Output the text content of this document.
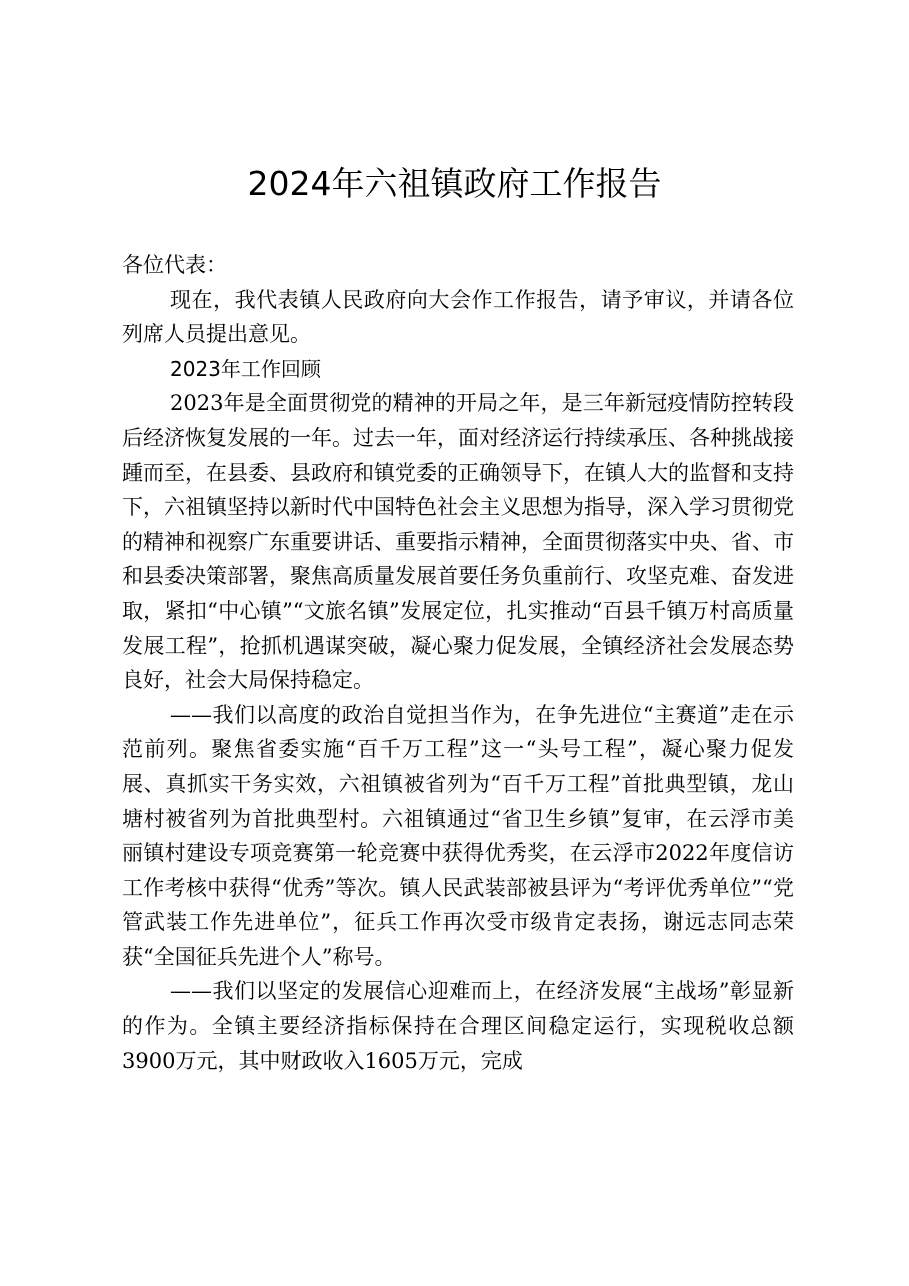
2024年六祖镇政府工作报告

各位代表：

现在，我代表镇人民政府向大会作工作报告，请予审议，并请各位列席人员提出意见。

2023年工作回顾

2023年是全面贯彻党的精神的开局之年，是三年新冠疫情防控转段后经济恢复发展的一年。过去一年，面对经济运行持续承压、各种挑战接踵而至，在县委、县政府和镇党委的正确领导下，在镇人大的监督和支持下，六祖镇坚持以新时代中国特色社会主义思想为指导，深入学习贯彻党的精神和视察广东重要讲话、重要指示精神，全面贯彻落实中央、省、市和县委决策部署，聚焦高质量发展首要任务负重前行、攻坚克难、奋发进取，紧扣“中心镇”“文旅名镇”发展定位，扎实推动“百县千镇万村高质量发展工程”，抢抓机遇谋突破，凝心聚力促发展，全镇经济社会发展态势良好，社会大局保持稳定。

——我们以高度的政治自觉担当作为，在争先进位“主赛道”走在示范前列。聚焦省委实施“百千万工程”这一“头号工程”，凝心聚力促发展、真抓实干务实效，六祖镇被省列为“百千万工程”首批典型镇，龙山塘村被省列为首批典型村。六祖镇通过“省卫生乡镇”复审，在云浮市美丽镇村建设专项竞赛第一轮竞赛中获得优秀奖，在云浮市2022年度信访工作考核中获得“优秀”等次。镇人民武装部被县评为“考评优秀单位”“党管武装工作先进单位”，征兵工作再次受市级肯定表扬，谢远志同志荣获“全国征兵先进个人”称号。

——我们以坚定的发展信心迎难而上，在经济发展“主战场”彰显新的作为。全镇主要经济指标保持在合理区间稳定运行，实现税收总额3900万元，其中财政收入1605万元，完成
